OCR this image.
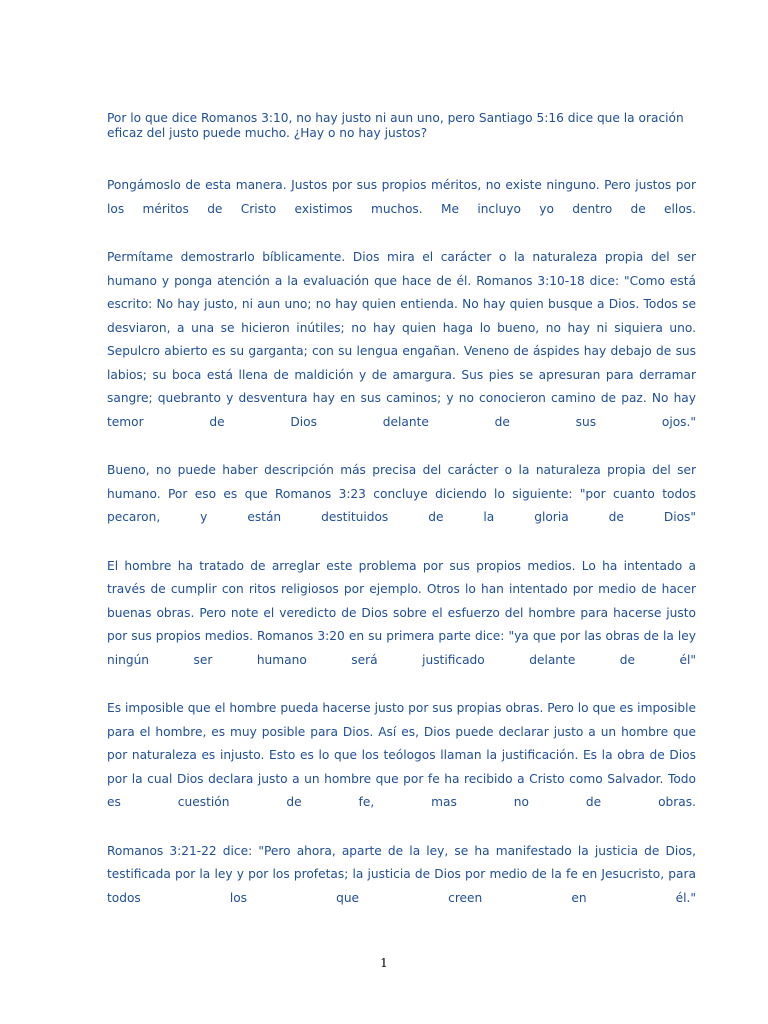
Por lo que dice Romanos 3:10, no hay justo ni aun uno, pero Santiago 5:16 dice que la oración eficaz del justo puede mucho. ¿Hay o no hay justos?

Pongámoslo de esta manera. Justos por sus propios méritos, no existe ninguno. Pero justos por los méritos de Cristo existimos muchos. Me incluyo yo dentro de ellos.

Permítame demostrarlo bíblicamente. Dios mira el carácter o la naturaleza propia del ser humano y ponga atención a la evaluación que hace de él. Romanos 3:10-18 dice: "Como está escrito: No hay justo, ni aun uno; no hay quien entienda. No hay quien busque a Dios. Todos se desviaron, a una se hicieron inútiles; no hay quien haga lo bueno, no hay ni siquiera uno. Sepulcro abierto es su garganta; con su lengua engañan. Veneno de áspides hay debajo de sus labios; su boca está llena de maldición y de amargura. Sus pies se apresuran para derramar sangre; quebranto y desventura hay en sus caminos; y no conocieron camino de paz. No hay temor de Dios delante de sus ojos."

Bueno, no puede haber descripción más precisa del carácter o la naturaleza propia del ser humano. Por eso es que Romanos 3:23 concluye diciendo lo siguiente: "por cuanto todos pecaron, y están destituidos de la gloria de Dios"

El hombre ha tratado de arreglar este problema por sus propios medios. Lo ha intentado a través de cumplir con ritos religiosos por ejemplo. Otros lo han intentado por medio de hacer buenas obras. Pero note el veredicto de Dios sobre el esfuerzo del hombre para hacerse justo por sus propios medios. Romanos 3:20 en su primera parte dice: "ya que por las obras de la ley ningún ser humano será justificado delante de él"

Es imposible que el hombre pueda hacerse justo por sus propias obras. Pero lo que es imposible para el hombre, es muy posible para Dios. Así es, Dios puede declarar justo a un hombre que por naturaleza es injusto. Esto es lo que los teólogos llaman la justificación. Es la obra de Dios por la cual Dios declara justo a un hombre que por fe ha recibido a Cristo como Salvador. Todo es cuestión de fe, mas no de obras.

Romanos 3:21-22 dice: "Pero ahora, aparte de la ley, se ha manifestado la justicia de Dios, testificada por la ley y por los profetas; la justicia de Dios por medio de la fe en Jesucristo, para todos los que creen en él."

1
